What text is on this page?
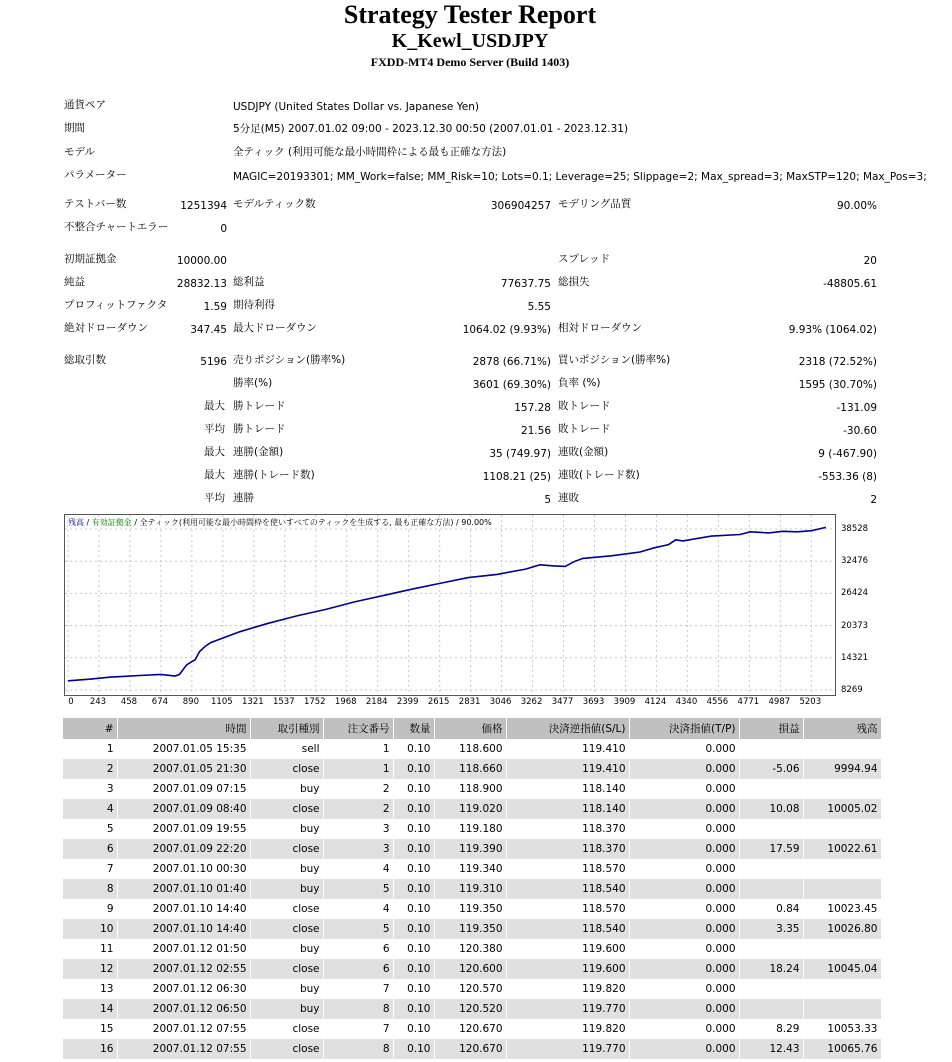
Strategy Tester Report
K_Kewl_USDJPY
FXDD-MT4 Demo Server (Build 1403)
通貨ペア	USDJPY (United States Dollar vs. Japanese Yen)
期間	5分足(M5) 2007.01.02 09:00 - 2023.12.30 00:50 (2007.01.01 - 2023.12.31)
モデル	全ティック (利用可能な最小時間枠による最も正確な方法)
パラメーター	MAGIC=20193301; MM_Work=false; MM_Risk=10; Lots=0.1; Leverage=25; Slippage=2; Max_spread=3; MaxSTP=120; Max_Pos=3;
テストバー数	1251394 モデルティック数	306904257 モデリング品質	90.00%
不整合チャートエラー	0
初期証拠金	10000.00	スプレッド	20
純益	28832.13 総利益	77637.75 総損失	-48805.61
プロフィットファクタ	1.59 期待利得	5.55
絶対ドローダウン	347.45 最大ドローダウン	1064.02 (9.93%) 相対ドローダウン	9.93% (1064.02)
総取引数	5196 売りポジション(勝率%)	2878 (66.71%) 買いポジション(勝率%)	2318 (72.52%)
勝率(%)	3601 (69.30%) 負率 (%)	1595 (30.70%)
最大 勝トレード	157.28 敗トレード	-131.09
平均 勝トレード	21.56 敗トレード	-30.60
最大 連勝(金額)	35 (749.97) 連敗(金額)	9 (-467.90)
最大 連勝(トレード数)	1108.21 (25) 連敗(トレード数)	-553.36 (8)
平均 連勝	5 連敗	2
残高 / 有効証拠金 / 全ティック(利用可能な最小時間枠を使いすべてのティックを生成する, 最も正確な方法) / 90.00%
38528
32476
26424
20373
14321
8269
0 243 458 674 890 1105 1321 1537 1752 1968 2184 2399 2615 2831 3046 3262 3477 3693 3909 4124 4340 4556 4771 4987 5203
#	時間	取引種別	注文番号	数量	価格	決済逆指値(S/L)	決済指値(T/P)	損益	残高
1	2007.01.05 15:35	sell	1	0.10	118.600	119.410	0.000		
2	2007.01.05 21:30	close	1	0.10	118.660	119.410	0.000	-5.06	9994.94
3	2007.01.09 07:15	buy	2	0.10	118.900	118.140	0.000		
4	2007.01.09 08:40	close	2	0.10	119.020	118.140	0.000	10.08	10005.02
5	2007.01.09 19:55	buy	3	0.10	119.180	118.370	0.000		
6	2007.01.09 22:20	close	3	0.10	119.390	118.370	0.000	17.59	10022.61
7	2007.01.10 00:30	buy	4	0.10	119.340	118.570	0.000		
8	2007.01.10 01:40	buy	5	0.10	119.310	118.540	0.000		
9	2007.01.10 14:40	close	4	0.10	119.350	118.570	0.000	0.84	10023.45
10	2007.01.10 14:40	close	5	0.10	119.350	118.540	0.000	3.35	10026.80
11	2007.01.12 01:50	buy	6	0.10	120.380	119.600	0.000		
12	2007.01.12 02:55	close	6	0.10	120.600	119.600	0.000	18.24	10045.04
13	2007.01.12 06:30	buy	7	0.10	120.570	119.820	0.000		
14	2007.01.12 06:50	buy	8	0.10	120.520	119.770	0.000		
15	2007.01.12 07:55	close	7	0.10	120.670	119.820	0.000	8.29	10053.33
16	2007.01.12 07:55	close	8	0.10	120.670	119.770	0.000	12.43	10065.76
